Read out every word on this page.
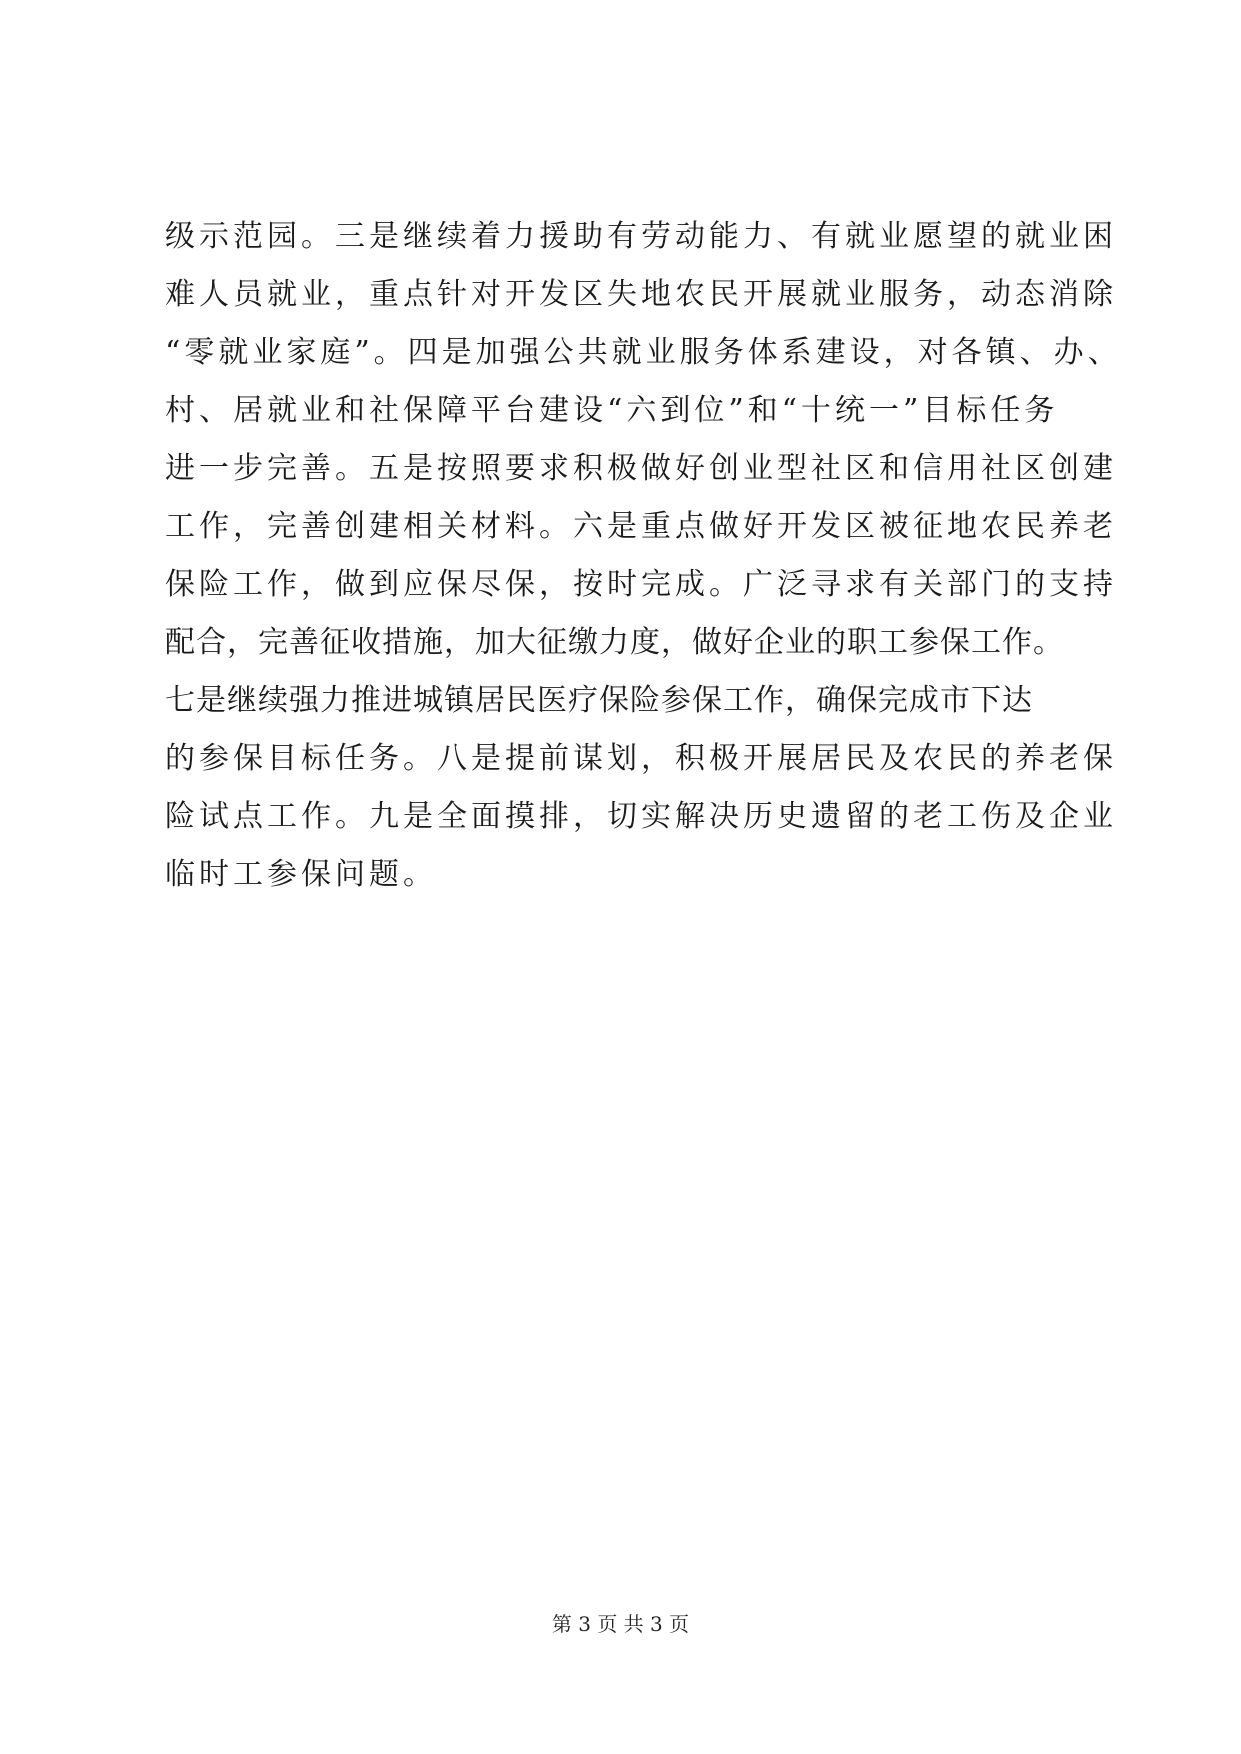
级示范园。三是继续着力援助有劳动能力、有就业愿望的就业困
难人员就业，重点针对开发区失地农民开展就业服务，动态消除
“零就业家庭”。四是加强公共就业服务体系建设，对各镇、办、
村、居就业和社保障平台建设“六到位”和“十统一”目标任务
进一步完善。五是按照要求积极做好创业型社区和信用社区创建
工作，完善创建相关材料。六是重点做好开发区被征地农民养老
保险工作，做到应保尽保，按时完成。广泛寻求有关部门的支持
配合，完善征收措施，加大征缴力度，做好企业的职工参保工作。
七是继续强力推进城镇居民医疗保险参保工作，确保完成市下达
的参保目标任务。八是提前谋划，积极开展居民及农民的养老保
险试点工作。九是全面摸排，切实解决历史遗留的老工伤及企业
临时工参保问题。
第 3 页 共 3 页
